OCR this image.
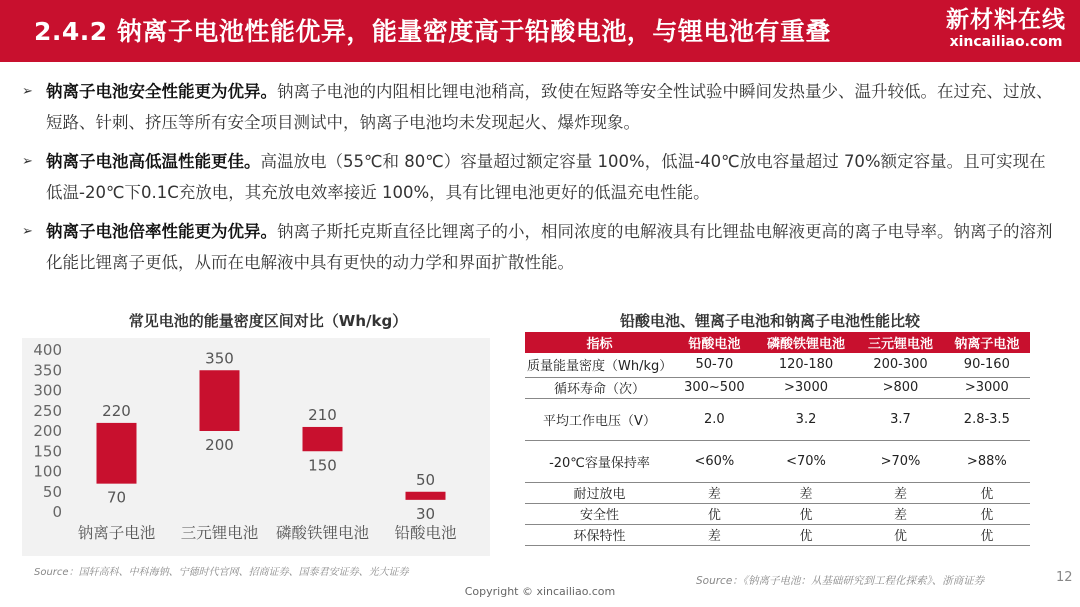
2.4.2 钠离子电池性能优异，能量密度高于铅酸电池，与锂电池有重叠	新材料在线
xincailiao.com
➢ 钠离子电池安全性能更为优异。钠离子电池的内阻相比锂电池稍高，致使在短路等安全性试验中瞬间发热量少、温升较低。在过充、过放、短路、针刺、挤压等所有安全项目测试中，钠离子电池均未发现起火、爆炸现象。
➢ 钠离子电池高低温性能更佳。高温放电（55℃和 80℃）容量超过额定容量 100%，低温-40℃放电容量超过 70%额定容量。且可实现在低温-20℃下0.1C充放电，其充放电效率接近 100%，具有比锂电池更好的低温充电性能。
➢ 钠离子电池倍率性能更为优异。钠离子斯托克斯直径比锂离子的小，相同浓度的电解液具有比锂盐电解液更高的离子电导率。钠离子的溶剂化能比锂离子更低，从而在电解液中具有更快的动力学和界面扩散性能。
常见电池的能量密度区间对比（Wh/kg）
0
50
100
150
200
250
300
350
400
220
70
钠离子电池
350
200
三元锂电池
210
150
磷酸铁锂电池
50
30
铅酸电池
铅酸电池、锂离子电池和钠离子电池性能比较
指标	铅酸电池	磷酸铁锂电池	三元锂电池	钠离子电池
质量能量密度（Wh/kg）	50-70	120-180	200-300	90-160
循环寿命（次）	300~500	>3000	>800	>3000
平均工作电压（V）	2.0	3.2	3.7	2.8-3.5
-20℃容量保持率	<60%	<70%	>70%	>88%
耐过放电	差	差	差	优
安全性	优	优	差	优
环保特性	差	优	优	优
Source：国轩高科、中科海钠、宁德时代官网、招商证券、国泰君安证券、光大证券
Source：《钠离子电池：从基础研究到工程化探索》、浙商证券
Copyright © xincailiao.com
12
